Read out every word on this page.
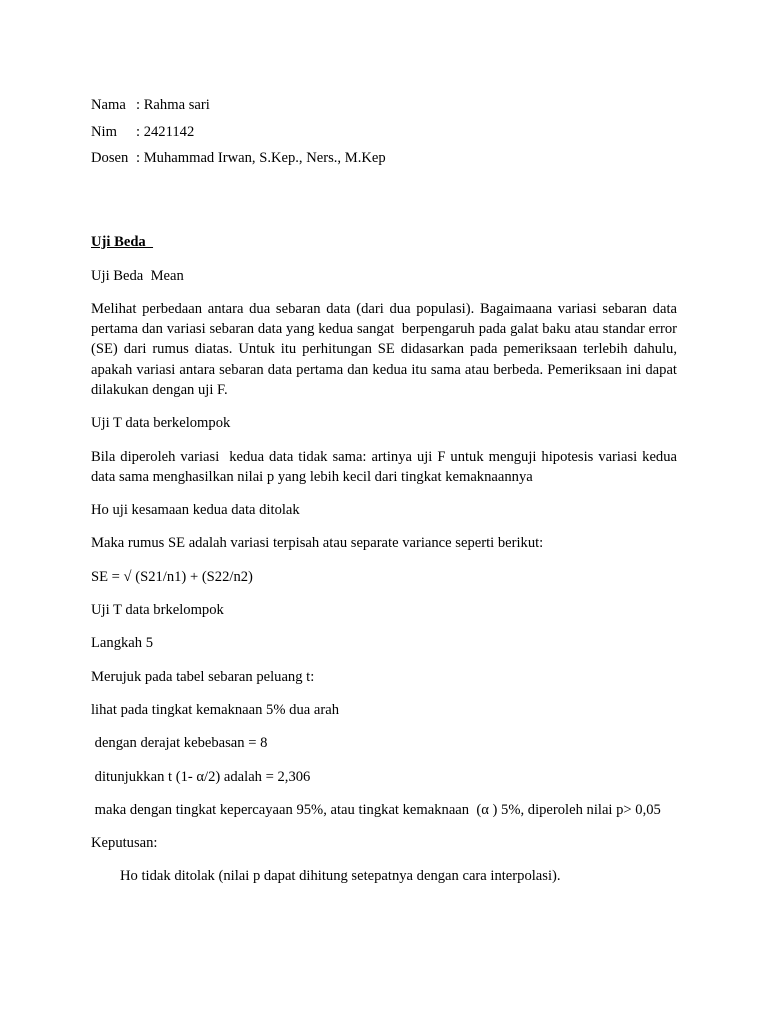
Nama	: Rahma sari
Nim	: 2421142
Dosen	: Muhammad Irwan, S.Kep., Ners., M.Kep
Uji Beda

Uji Beda  Mean

Melihat perbedaan antara dua sebaran data (dari dua populasi). Bagaimaana variasi sebaran data pertama dan variasi sebaran data yang kedua sangat  berpengaruh pada galat baku atau standar error (SE) dari rumus diatas. Untuk itu perhitungan SE didasarkan pada pemeriksaan terlebih dahulu, apakah variasi antara sebaran data pertama dan kedua itu sama atau berbeda. Pemeriksaan ini dapat dilakukan dengan uji F.

Uji T data berkelompok

Bila diperoleh variasi  kedua data tidak sama: artinya uji F untuk menguji hipotesis variasi kedua data sama menghasilkan nilai p yang lebih kecil dari tingkat kemaknaannya

Ho uji kesamaan kedua data ditolak

Maka rumus SE adalah variasi terpisah atau separate variance seperti berikut:

SE = √ (S21/n1) + (S22/n2)

Uji T data brkelompok

Langkah 5

Merujuk pada tabel sebaran peluang t:

lihat pada tingkat kemaknaan 5% dua arah

dengan derajat kebebasan = 8

ditunjukkan t (1- α/2) adalah = 2,306

maka dengan tingkat kepercayaan 95%, atau tingkat kemaknaan  (α ) 5%, diperoleh nilai p> 0,05

Keputusan:

Ho tidak ditolak (nilai p dapat dihitung setepatnya dengan cara interpolasi).
